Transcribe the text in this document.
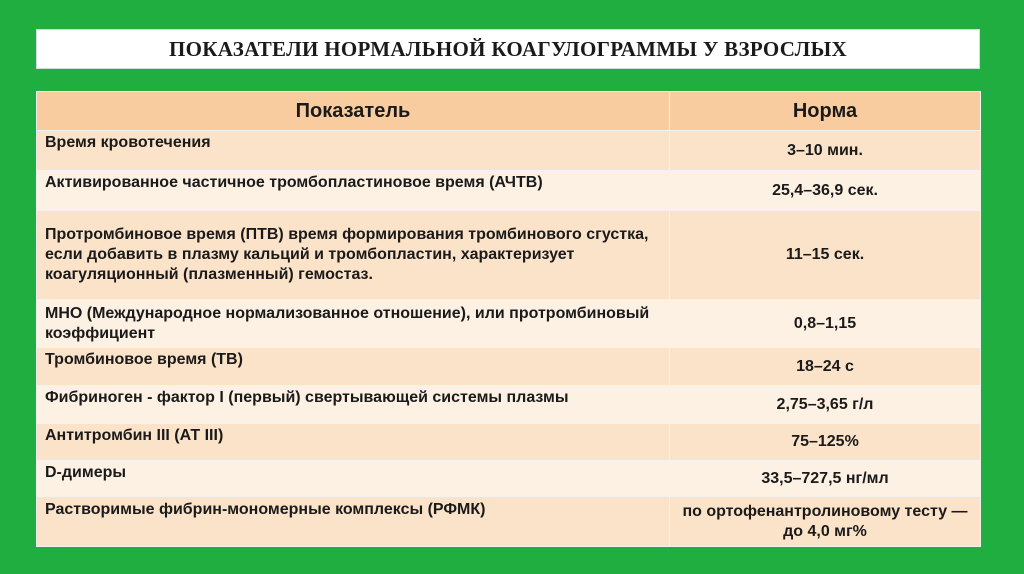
ПОКАЗАТЕЛИ НОРМАЛЬНОЙ КОАГУЛОГРАММЫ У ВЗРОСЛЫХ
Показатель	Норма
Время кровотечения	3–10 мин.
Активированное частичное тромбопластиновое время (АЧТВ)	25,4–36,9 сек.
Протромбиновое время (ПТВ) время формирования тромбинового сгустка, если добавить в плазму кальций и тромбопластин, характеризует коагуляционный (плазменный) гемостаз.	11–15 сек.
МНО (Международное нормализованное отношение), или протромбиновый коэффициент	0,8–1,15
Тромбиновое время (ТВ)	18–24 с
Фибриноген - фактор I (первый) свертывающей системы плазмы	2,75–3,65 г/л
Антитромбин III (АТ III)	75–125%
D-димеры	33,5–727,5 нг/мл
Растворимые фибрин-мономерные комплексы (РФМК)	по ортофенантролиновому тесту — до 4,0 мг%
